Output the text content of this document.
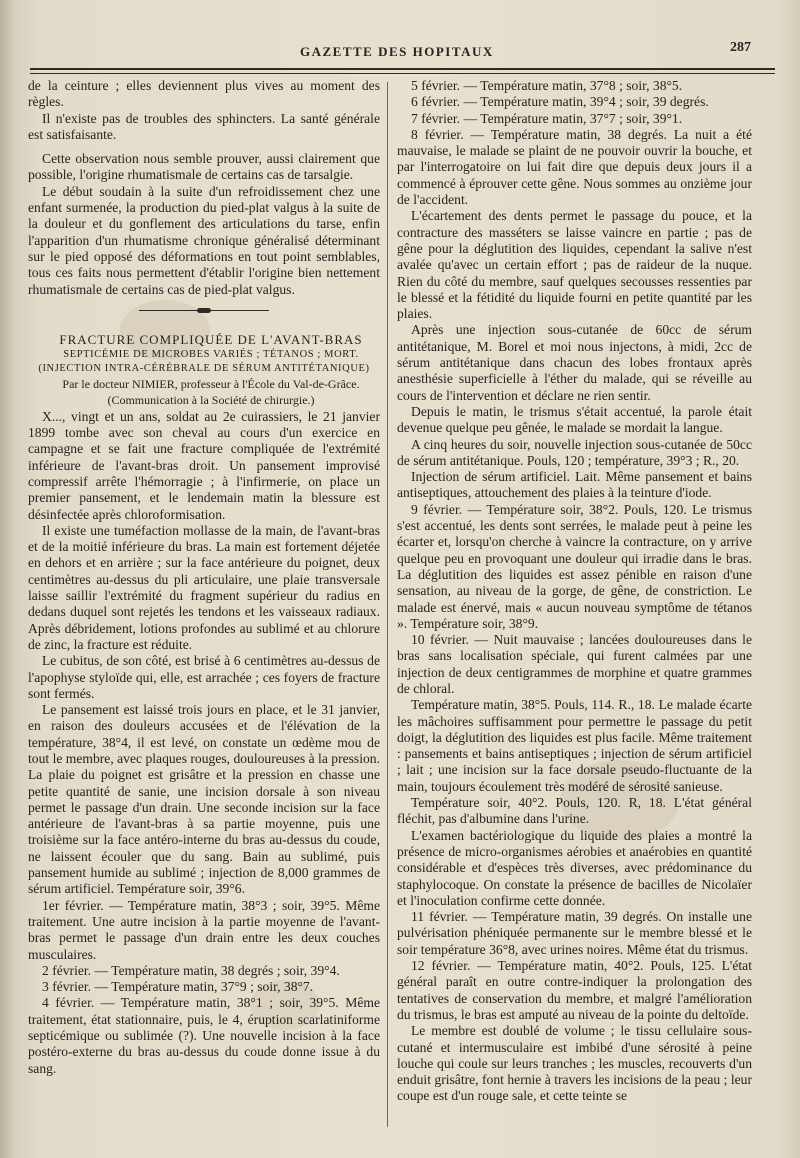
GAZETTE DES HOPITAUX	287

de la ceinture ; elles deviennent plus vives au moment des règles.

Il n'existe pas de troubles des sphincters. La santé générale est satisfaisante.

Cette observation nous semble prouver, aussi clairement que possible, l'origine rhumatismale de certains cas de tarsalgie.

Le début soudain à la suite d'un refroidissement chez une enfant surmenée, la production du pied-plat valgus à la suite de la douleur et du gonflement des articulations du tarse, enfin l'apparition d'un rhumatisme chronique généralisé déterminant sur le pied opposé des déformations en tout point semblables, tous ces faits nous permettent d'établir l'origine bien nettement rhumatismale de certains cas de pied-plat valgus.

FRACTURE COMPLIQUÉE DE L'AVANT-BRAS

SEPTICÉMIE DE MICROBES VARIÉS ; TÉTANOS ; MORT. (INJECTION INTRA-CÉRÉBRALE DE SÉRUM ANTITÉTANIQUE)

Par le docteur NIMIER, professeur à l'École du Val-de-Grâce.

(Communication à la Société de chirurgie.)

X..., vingt et un ans, soldat au 2e cuirassiers, le 21 janvier 1899 tombe avec son cheval au cours d'un exercice en campagne et se fait une fracture compliquée de l'extrémité inférieure de l'avant-bras droit. Un pansement improvisé compressif arrête l'hémorragie ; à l'infirmerie, on place un premier pansement, et le lendemain matin la blessure est désinfectée après chloroformisation.

Il existe une tuméfaction mollasse de la main, de l'avant-bras et de la moitié inférieure du bras. La main est fortement déjetée en dehors et en arrière ; sur la face antérieure du poignet, deux centimètres au-dessus du pli articulaire, une plaie transversale laisse saillir l'extrémité du fragment supérieur du radius en dedans duquel sont rejetés les tendons et les vaisseaux radiaux. Après débridement, lotions profondes au sublimé et au chlorure de zinc, la fracture est réduite.

Le cubitus, de son côté, est brisé à 6 centimètres au-dessus de l'apophyse styloïde qui, elle, est arrachée ; ces foyers de fracture sont fermés.

Le pansement est laissé trois jours en place, et le 31 janvier, en raison des douleurs accusées et de l'élévation de la température, 38°4, il est levé, on constate un œdème mou de tout le membre, avec plaques rouges, douloureuses à la pression. La plaie du poignet est grisâtre et la pression en chasse une petite quantité de sanie, une incision dorsale à son niveau permet le passage d'un drain. Une seconde incision sur la face antérieure de l'avant-bras à sa partie moyenne, puis une troisième sur la face antéro-interne du bras au-dessus du coude, ne laissent écouler que du sang. Bain au sublimé, puis pansement humide au sublimé ; injection de 8,000 grammes de sérum artificiel. Température soir, 39°6.

1er février. — Température matin, 38°3 ; soir, 39°5. Même traitement. Une autre incision à la partie moyenne de l'avant-bras permet le passage d'un drain entre les deux couches musculaires.

2 février. — Température matin, 38 degrés ; soir, 39°4.

3 février. — Température matin, 37°9 ; soir, 38°7.

4 février. — Température matin, 38°1 ; soir, 39°5. Même traitement, état stationnaire, puis, le 4, éruption scarlatiniforme septicémique ou sublimée (?). Une nouvelle incision à la face postéro-externe du bras au-dessus du coude donne issue à du sang.

5 février. — Température matin, 37°8 ; soir, 38°5.

6 février. — Température matin, 39°4 ; soir, 39 degrés.

7 février. — Température matin, 37°7 ; soir, 39°1.

8 février. — Température matin, 38 degrés. La nuit a été mauvaise, le malade se plaint de ne pouvoir ouvrir la bouche, et par l'interrogatoire on lui fait dire que depuis deux jours il a commencé à éprouver cette gêne. Nous sommes au onzième jour de l'accident.

L'écartement des dents permet le passage du pouce, et la contracture des masséters se laisse vaincre en partie ; pas de gêne pour la déglutition des liquides, cependant la salive n'est avalée qu'avec un certain effort ; pas de raideur de la nuque. Rien du côté du membre, sauf quelques secousses ressenties par le blessé et la fétidité du liquide fourni en petite quantité par les plaies.

Après une injection sous-cutanée de 60cc de sérum antitétanique, M. Borel et moi nous injectons, à midi, 2cc de sérum antitétanique dans chacun des lobes frontaux après anesthésie superficielle à l'éther du malade, qui se réveille au cours de l'intervention et déclare ne rien sentir.

Depuis le matin, le trismus s'était accentué, la parole était devenue quelque peu gênée, le malade se mordait la langue.

A cinq heures du soir, nouvelle injection sous-cutanée de 50cc de sérum antitétanique. Pouls, 120 ; température, 39°3 ; R., 20.

Injection de sérum artificiel. Lait. Même pansement et bains antiseptiques, attouchement des plaies à la teinture d'iode.

9 février. — Température soir, 38°2. Pouls, 120. Le trismus s'est accentué, les dents sont serrées, le malade peut à peine les écarter et, lorsqu'on cherche à vaincre la contracture, on y arrive quelque peu en provoquant une douleur qui irradie dans le bras. La déglutition des liquides est assez pénible en raison d'une sensation, au niveau de la gorge, de gêne, de constriction. Le malade est énervé, mais « aucun nouveau symptôme de tétanos ». Température soir, 38°9.

10 février. — Nuit mauvaise ; lancées douloureuses dans le bras sans localisation spéciale, qui furent calmées par une injection de deux centigrammes de morphine et quatre grammes de chloral.

Température matin, 38°5. Pouls, 114. R., 18. Le malade écarte les mâchoires suffisamment pour permettre le passage du petit doigt, la déglutition des liquides est plus facile. Même traitement : pansements et bains antiseptiques ; injection de sérum artificiel ; lait ; une incision sur la face dorsale pseudo-fluctuante de la main, toujours écoulement très modéré de sérosité sanieuse.

Température soir, 40°2. Pouls, 120. R, 18. L'état général fléchit, pas d'albumine dans l'urine.

L'examen bactériologique du liquide des plaies a montré la présence de micro-organismes aérobies et anaérobies en quantité considérable et d'espèces très diverses, avec prédominance du staphylocoque. On constate la présence de bacilles de Nicolaïer et l'inoculation confirme cette donnée.

11 février. — Température matin, 39 degrés. On installe une pulvérisation phéniquée permanente sur le membre blessé et le soir température 36°8, avec urines noires. Même état du trismus.

12 février. — Température matin, 40°2. Pouls, 125. L'état général paraît en outre contre-indiquer la prolongation des tentatives de conservation du membre, et malgré l'amélioration du trismus, le bras est amputé au niveau de la pointe du deltoïde.

Le membre est doublé de volume ; le tissu cellulaire sous-cutané et intermusculaire est imbibé d'une sérosité à peine louche qui coule sur leurs tranches ; les muscles, recouverts d'un enduit grisâtre, font hernie à travers les incisions de la peau ; leur coupe est d'un rouge sale, et cette teinte se
